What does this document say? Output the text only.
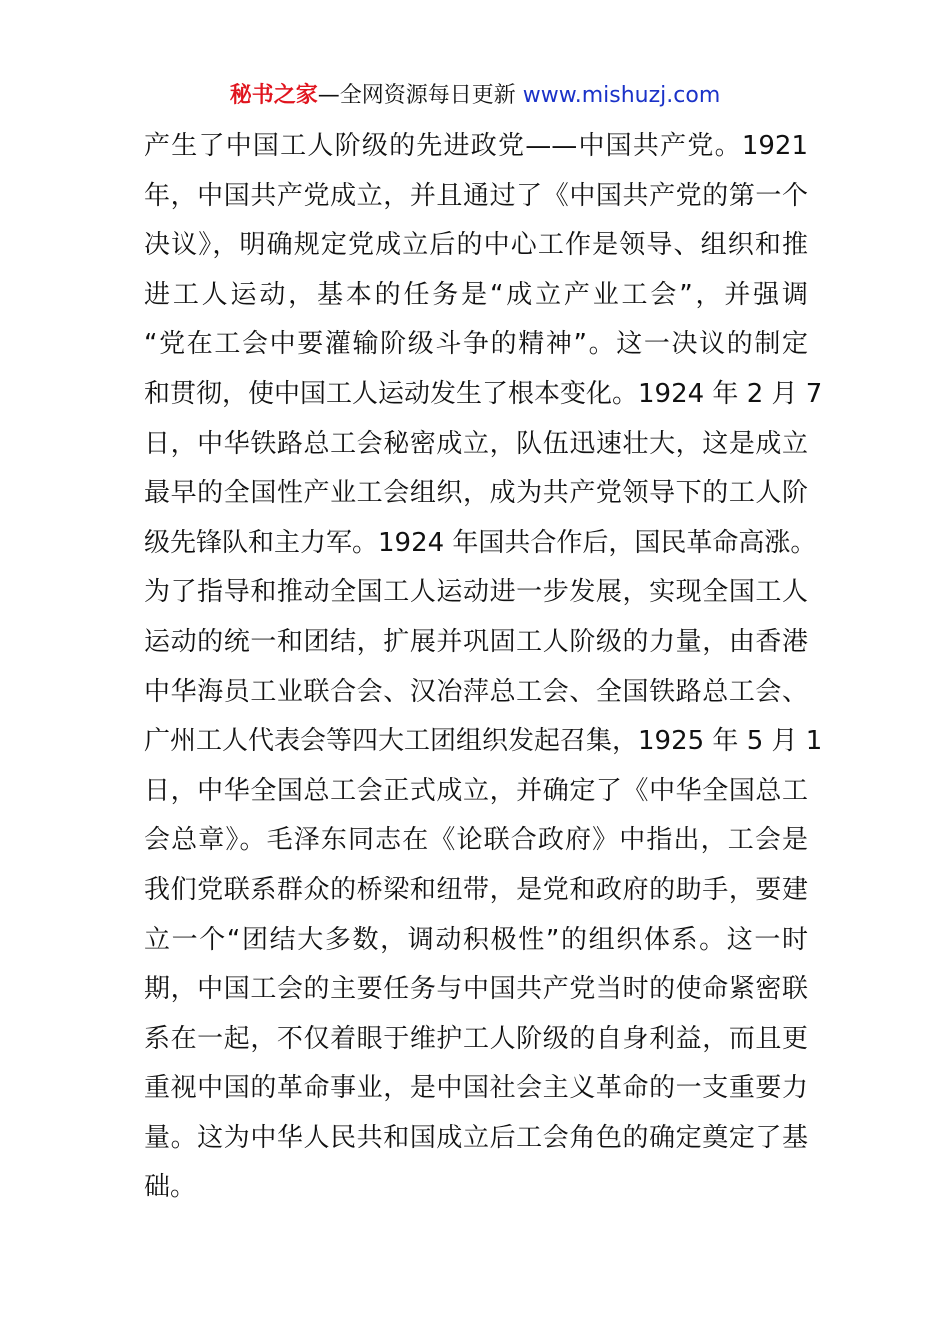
秘书之家—全网资源每日更新 www.mishuzj.com
产生了中国工人阶级的先进政党——中国共产党。1921
年，中国共产党成立，并且通过了《中国共产党的第一个
决议》，明确规定党成立后的中心工作是领导、组织和推
进工人运动，基本的任务是“成立产业工会”，并强调
“党在工会中要灌输阶级斗争的精神”。这一决议的制定
和贯彻，使中国工人运动发生了根本变化。1924 年 2 月 7
日，中华铁路总工会秘密成立，队伍迅速壮大，这是成立
最早的全国性产业工会组织，成为共产党领导下的工人阶
级先锋队和主力军。1924 年国共合作后，国民革命高涨。
为了指导和推动全国工人运动进一步发展，实现全国工人
运动的统一和团结，扩展并巩固工人阶级的力量，由香港
中华海员工业联合会、汉冶萍总工会、全国铁路总工会、
广州工人代表会等四大工团组织发起召集，1925 年 5 月 1
日，中华全国总工会正式成立，并确定了《中华全国总工
会总章》。毛泽东同志在《论联合政府》中指出，工会是
我们党联系群众的桥梁和纽带，是党和政府的助手，要建
立一个“团结大多数，调动积极性”的组织体系。这一时
期，中国工会的主要任务与中国共产党当时的使命紧密联
系在一起，不仅着眼于维护工人阶级的自身利益，而且更
重视中国的革命事业，是中国社会主义革命的一支重要力
量。这为中华人民共和国成立后工会角色的确定奠定了基
础。
